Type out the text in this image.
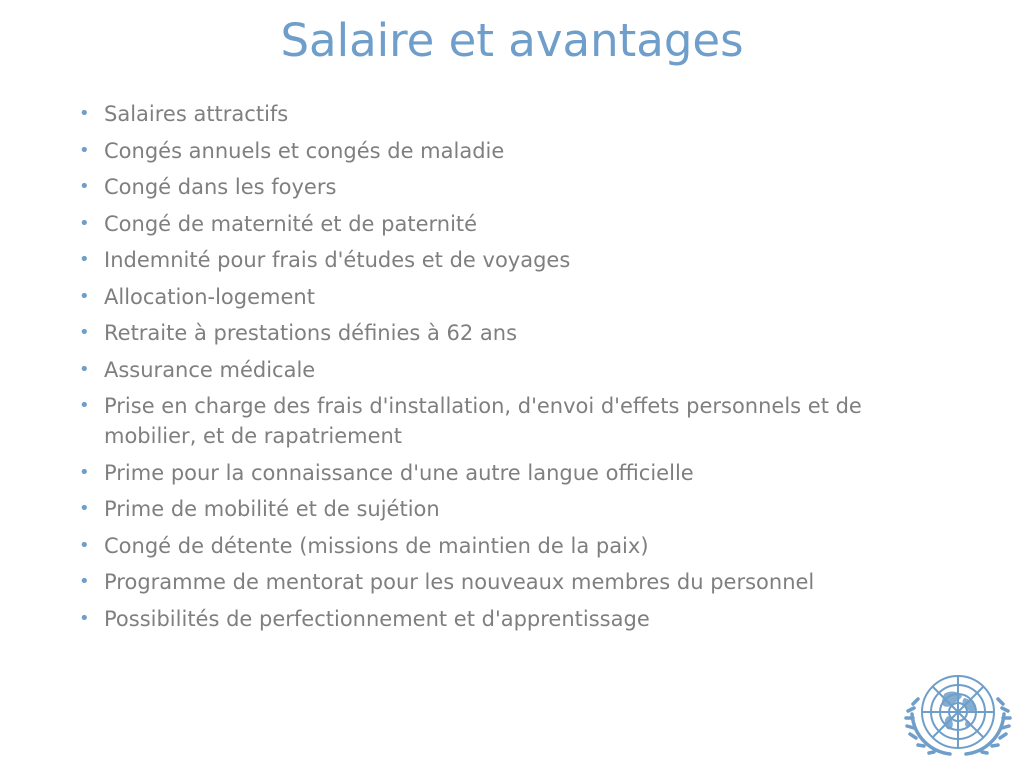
Salaire et avantages
• Salaires attractifs
• Congés annuels et congés de maladie
• Congé dans les foyers
• Congé de maternité et de paternité
• Indemnité pour frais d'études et de voyages
• Allocation-logement
• Retraite à prestations définies à 62 ans
• Assurance médicale
• Prise en charge des frais d'installation, d'envoi d'effets personnels et de mobilier, et de rapatriement
• Prime pour la connaissance d'une autre langue officielle
• Prime de mobilité et de sujétion
• Congé de détente (missions de maintien de la paix)
• Programme de mentorat pour les nouveaux membres du personnel
• Possibilités de perfectionnement et d'apprentissage
